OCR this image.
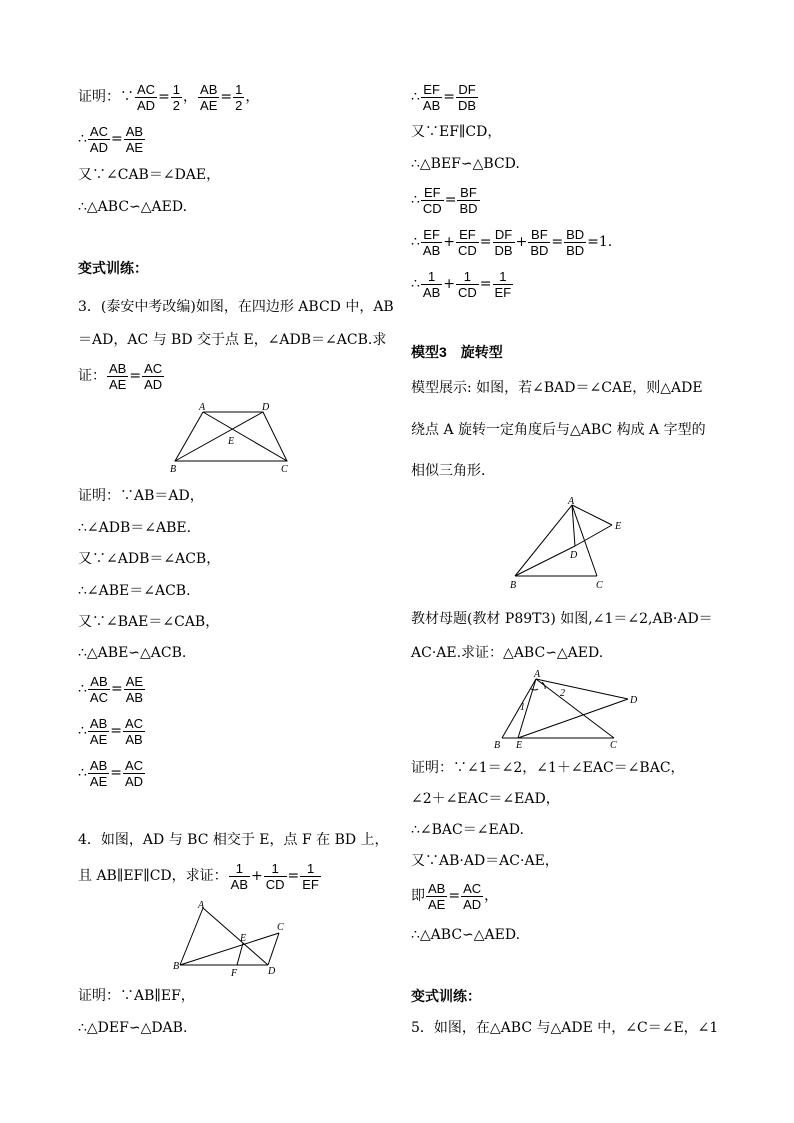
证明：∵ $\frac{AC}{AD} = \frac{1}{2}$ ， $\frac{AB}{AE} = \frac{1}{2}$ ，
∴ $\frac{AC}{AD} = \frac{AB}{AE}$
又∵∠CAB＝∠DAE，
∴△ABC∽△AED.
变式训练：
3．(泰安中考改编)如图，在四边形 ABCD 中，AB
＝AD，AC 与 BD 交于点 E，∠ADB＝∠ACB.求
证： $\frac{AB}{AE} = \frac{AC}{AD}$
A	D
E
B	C
证明：∵AB＝AD，
∴∠ADB＝∠ABE.
又∵∠ADB＝∠ACB，
∴∠ABE＝∠ACB.
又∵∠BAE＝∠CAB，
∴△ABE∽△ACB.
∴ $\frac{AB}{AC} = \frac{AE}{AB}$
∴ $\frac{AB}{AE} = \frac{AC}{AB}$
∴ $\frac{AB}{AE} = \frac{AC}{AD}$
4．如图，AD 与 BC 相交于 E，点 F 在 BD 上，
且 AB∥EF∥CD，求证： $\frac{1}{AB} + \frac{1}{CD} = \frac{1}{EF}$
A
B
C
D
E
F
证明：∵AB∥EF，
∴△DEF∽△DAB.
∴ $\frac{EF}{AB} = \frac{DF}{DB}$
又∵EF∥CD，
∴△BEF∽△BCD.
∴ $\frac{EF}{CD} = \frac{BF}{BD}$
∴ $\frac{EF}{AB} + \frac{EF}{CD} = \frac{DF}{DB} + \frac{BF}{BD} = \frac{BD}{BD} =1$.
∴ $\frac{1}{AB} + \frac{1}{CD} = \frac{1}{EF}$
模型3　旋转型
模型展示: 如图，若∠BAD＝∠CAE，则△ADE
绕点 A 旋转一定角度后与△ABC 构成 A 字型的
相似三角形．
A
E
D
B	C
教材母题(教材 P89T3) 如图,∠1＝∠2,AB·AD＝
AC·AE.求证：△ABC∽△AED.
A
D
B E	C
1
2
证明：∵∠1＝∠2，∠1＋∠EAC＝∠BAC，
∠2＋∠EAC＝∠EAD，
∴∠BAC＝∠EAD.
又∵AB·AD＝AC·AE，
即 $\frac{AB}{AE} = \frac{AC}{AD}$ ，
∴△ABC∽△AED.
变式训练：
5．如图，在△ABC 与△ADE 中，∠C＝∠E，∠1
